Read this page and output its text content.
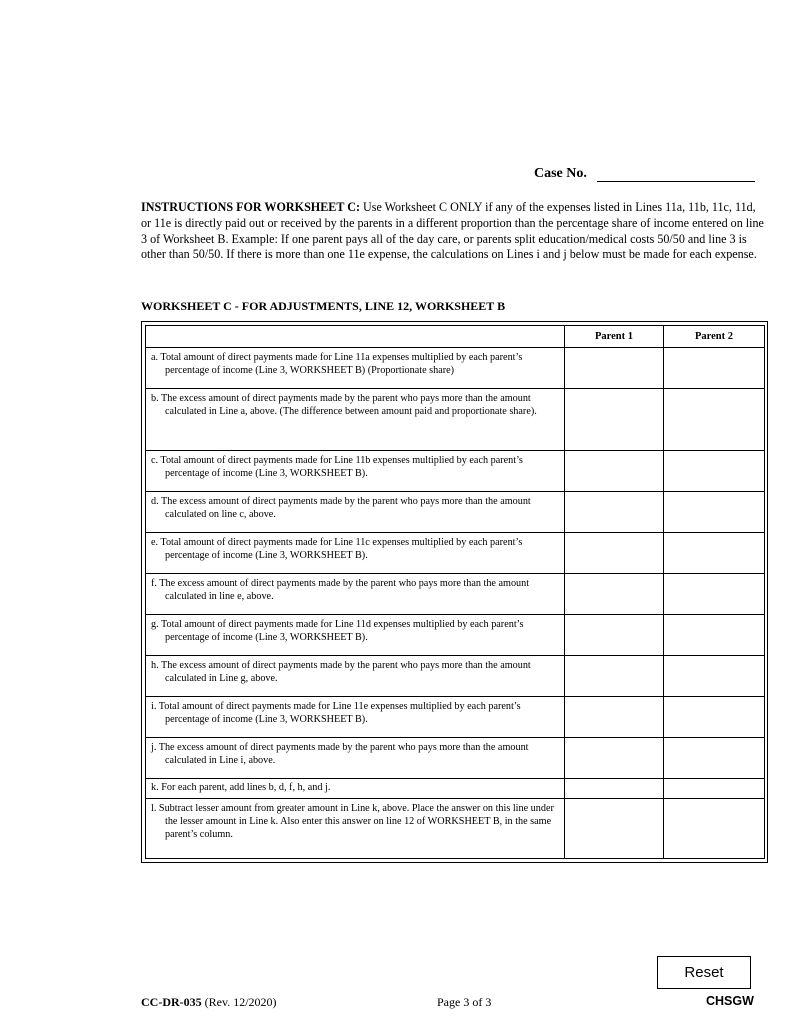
Case No.
INSTRUCTIONS FOR WORKSHEET C: Use Worksheet C ONLY if any of the expenses listed in Lines 11a, 11b, 11c, 11d, or 11e is directly paid out or received by the parents in a different proportion than the percentage share of income entered on line 3 of Worksheet B. Example: If one parent pays all of the day care, or parents split education/medical costs 50/50 and line 3 is other than 50/50. If there is more than one 11e expense, the calculations on Lines i and j below must be made for each expense.
WORKSHEET C - FOR ADJUSTMENTS, LINE 12, WORKSHEET B
	Parent 1	Parent 2

a. Total amount of direct payments made for Line 11a expenses multiplied by each parent’s percentage of income (Line 3, WORKSHEET B) (Proportionate share)		

b. The excess amount of direct payments made by the parent who pays more than the amount calculated in Line a, above. (The difference between amount paid and proportionate share).		

c. Total amount of direct payments made for Line 11b expenses multiplied by each parent’s percentage of income (Line 3, WORKSHEET B).		

d. The excess amount of direct payments made by the parent who pays more than the amount calculated on line c, above.		

e. Total amount of direct payments made for Line 11c expenses multiplied by each parent’s percentage of income (Line 3, WORKSHEET B).		

f. The excess amount of direct payments made by the parent who pays more than the amount calculated in line e, above.		

g. Total amount of direct payments made for Line 11d expenses multiplied by each parent’s percentage of income (Line 3, WORKSHEET B).		

h. The excess amount of direct payments made by the parent who pays more than the amount calculated in Line g, above.		

i. Total amount of direct payments made for Line 11e expenses multiplied by each parent’s percentage of income (Line 3, WORKSHEET B).		

j. The excess amount of direct payments made by the parent who pays more than the amount calculated in Line i, above.		

k. For each parent, add lines b, d, f, h, and j.		

l. Subtract lesser amount from greater amount in Line k, above. Place the answer on this line under the lesser amount in Line k. Also enter this answer on line 12 of WORKSHEET B, in the same parent’s column.		

Reset
CC-DR-035 (Rev. 12/2020)	Page 3 of 3	CHSGW
